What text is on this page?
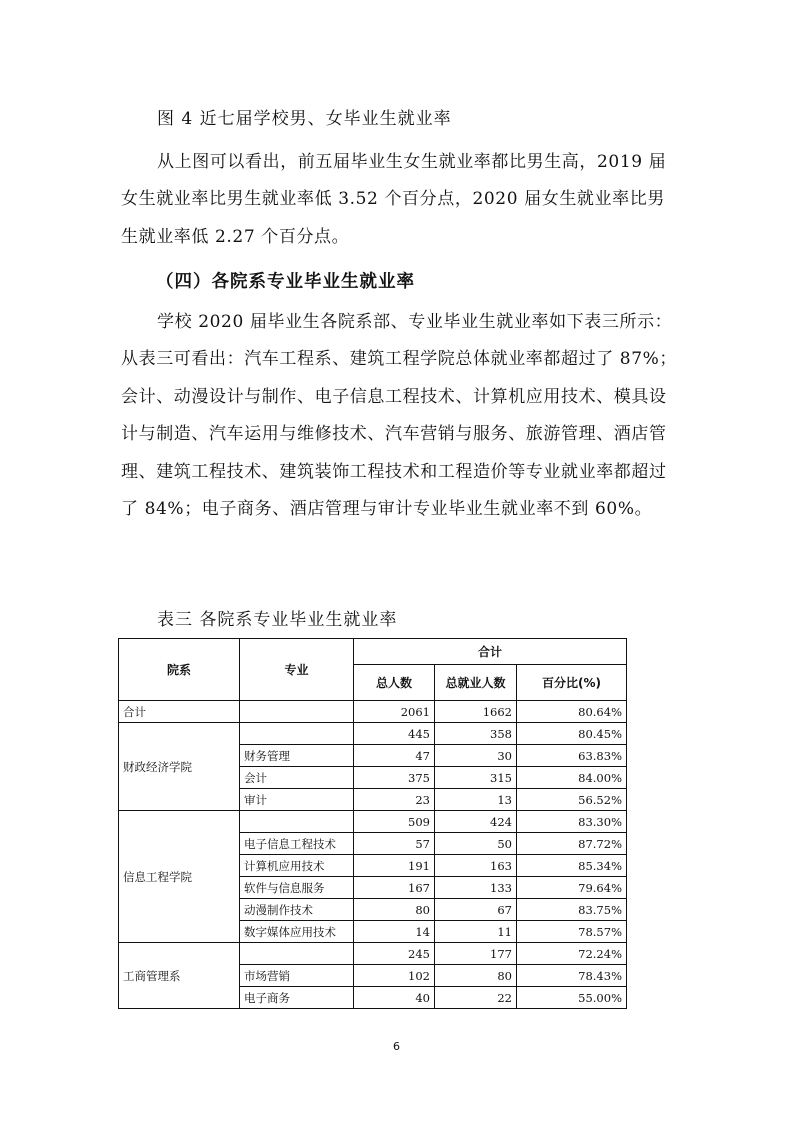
图 4 近七届学校男、女毕业生就业率

从上图可以看出，前五届毕业生女生就业率都比男生高，2019 届女生就业率比男生就业率低 3.52 个百分点，2020 届女生就业率比男生就业率低 2.27 个百分点。

（四）各院系专业毕业生就业率

学校 2020 届毕业生各院系部、专业毕业生就业率如下表三所示：从表三可看出：汽车工程系、建筑工程学院总体就业率都超过了 87%；会计、动漫设计与制作、电子信息工程技术、计算机应用技术、模具设计与制造、汽车运用与维修技术、汽车营销与服务、旅游管理、酒店管理、建筑工程技术、建筑装饰工程技术和工程造价等专业就业率都超过了 84%；电子商务、酒店管理与审计专业毕业生就业率不到 60%。

表三 各院系专业毕业生就业率
院系	专业	合计		
		总人数	总就业人数	百分比(%)
合计		2061	1662	80.64%
财政经济学院		445	358	80.45%
	财务管理	47	30	63.83%
	会计	375	315	84.00%
	审计	23	13	56.52%
信息工程学院		509	424	83.30%
	电子信息工程技术	57	50	87.72%
	计算机应用技术	191	163	85.34%
	软件与信息服务	167	133	79.64%
	动漫制作技术	80	67	83.75%
	数字媒体应用技术	14	11	78.57%
工商管理系		245	177	72.24%
	市场营销	102	80	78.43%
	电子商务	40	22	55.00%
6
